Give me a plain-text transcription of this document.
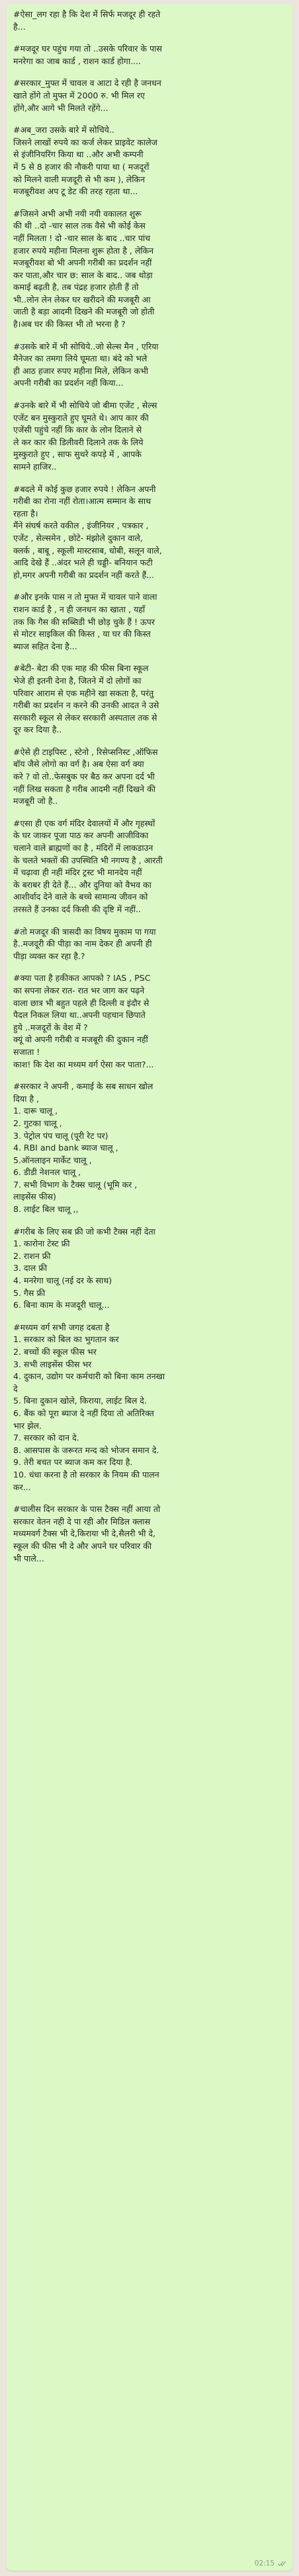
#ऐसा_लग रहा है कि देश में सिर्फ मजदूर ही रहते
है...
#मजदूर घर पहुंच गया तो ..उसके परिवार के पास
मनरेगा का जाब कार्ड , राशन कार्ड होगा....
#सरकार_मुफ्त में चावल व आटा दे रही है जनधन
खाते होंगे तो मुफ्त में 2000 रु. भी मिल रए
होंगे,और आगे भी मिलते रहेंगे...
#अब_जरा उसके बारे में सोचिये..
जिसने लाखों रुपये का कर्ज लेकर प्राइवेट कालेज
से इंजीनियरिंग किया था ..और अभी कम्पनी
में 5 से 8 हजार की नौकरी पाया था ( मजदूरों
को मिलने वाली मजदूरी से भी कम ), लेकिन
मजबूरीवश अप टू डेट की तरह रहता था...
#जिसने अभी अभी नयी नयी वकालत शुरू
की थी ..दो -चार साल तक वैसे भी कोई केस
नहीं मिलता ! दो -चार साल के बाद ..चार पांच
हजार रुपये महीना मिलना शुरू होता है , लेकिन
मजबूरीवश बो भी अपनी गरीबी का प्रदर्शन नहीं
कर पाता,और चार छ: साल के बाद.. जब थोड़ा
कमाई बढ़ती है, तब पंद्रह हजार होती हैं तो
भी..लोन लेन लेकर घर खरीदने की मजबूरी आ
जाती है बड़ा आदमी दिखने की मजबूरी जो होती
है।अब घर की किस्त भी तो भरना है ?
#उसके बारे में भी सोचिये..जो सेल्स मैन , एरिया
मैनेजर का तमगा लिये घूमता था। बंदे को भले
ही आठ हजार रुपए महीना मिले, लेकिन कभी
अपनी गरीबी का प्रदर्शन नहीं किया...
#उनके बारे में भी सोचिये जो बीमा एजेंट , सेल्स
एजेंट बन मुस्कुराते हुए घूमते थे। आप कार की
एजेंसी पहुंचे नहीं कि कार के लोन दिलाने से
ले कर कार की डिलीवरी दिलाने तक के लिये
मुस्कुराते हुए , साफ सुथरे कपड़े में , आपके
सामने हाजिर..
#बदले में कोई कुछ हजार रुपये ! लेकिन अपनी
गरीबी का रोना नहीं रोता।आत्म सम्मान के साथ
रहता है।
मैंने संघर्ष करते वकील , इंजीनियर , पत्रकार ,
एजेंट , सेल्समेन , छोटे- मंझोले दुकान वाले,
क्लर्क , बाबू , स्कूली मास्टसाब, धोबी, सलून वाले,
आदि देखे हैं ..अंदर भले ही चड्डी- बनियान फटी
हो,मगर अपनी गरीबी का प्रदर्शन नहीं करते हैं...
#और इनके पास न तो मुफ्त में चावल पाने वाला
राशन कार्ड है , न ही जनधन का खाता , यहाँ
तक कि गैस की सब्सिडी भी छोड़ चुके हैं ! ऊपर
से मोटर साइकिल की किस्त , या घर की किस्त
ब्याज सहित देना है...
#बेटी- बेटा की एक माह की फीस बिना स्कूल
भेजे ही इतनी देना है, जितने में दो लोगों का
परिवार आराम से एक महीने खा सकता है, परंतु
गरीबी का प्रदर्शन न करने की उनकी आदत ने उसे
सरकारी स्कूल से लेकर सरकारी अस्पताल तक से
दूर कर दिया है..
#ऐसे ही टाइपिस्ट , स्टेनो , रिसेप्सनिस्ट ,ऑफिस
बॉय जैसे लोगो का वर्ग है। अब ऐसा वर्ग क्या
करे ? वो तो..फेसबुक पर बैठ कर अपना दर्द भी
नहीं लिख सकता है गरीब आदमी नहीं दिखने की
मजबूरी जो है..
#एसा ही एक वर्ग मंदिर देवालयों में और गृहस्थों
के घर जाकर पूजा पाठ कर अपनी आजीविका
चलाने वाले ब्राह्मणों का है , मंदिरों में लाकडाउन
के चलते भक्तों की उपस्थिति भी नगण्य है , आरती
में चढ़ावा ही नहीं मंदिर ट्रस्ट भी मानदेय नहीं
के बराबर ही देते हैं... और दुनिया को वैभव का
आशीर्वाद देने वाले के बच्चे सामान्य जीवन को
तरसते हैं उनका दर्द किसी की दृष्टि में नहीं..
#तो मजदूर की त्रासदी का विषय मुकाम पा गया
है..मजदूरी की पीड़ा का नाम देकर ही अपनी ही
पीड़ा व्यक्त कर रहा है.?
#क्या पता है हकीकत आपको ? IAS , PSC
का सपना लेकर रात- रात भर जाग कर पढ़ने
वाला छात्र भी बहुत पहले ही दिल्ली व इंदौर से
पैदल निकल लिया था..अपनी पहचान छिपाते
हुये ..मजदूरों के वेश में ?
क्यूं वो अपनी गरीबी व मजबूरी की दुकान नहीं
सजाता !
काश! कि देश का मध्यम वर्ग ऐसा कर पाता?...
#सरकार ने अपनी , कमाई के सब साधन खोल
दिया है ,
1. दारू चालू ,
2. गुटका चालू ,
3. पेट्रोल पंप चालू (पूरी रेट पर)
4. RBI and bank ब्याज चालू ,
5.ऑनलाइन मार्केट चालू ,
6. डीडी नेशनल चालू ,
7. सभी विभाग के टैक्स चालू (भूमि कर ,
लाइसेंस फीस)
8. लाईट बिल चालू ,,
#गरीब के लिए सब फ्री जो कभी टैक्स नहीं देता
1. कारोना टेस्ट फ्री
2. राशन फ्री
3. दाल फ्री
4. मनरेगा चालू (नई दर के साथ)
5. गैस फ्री
6. बिना काम के मजदूरी चालू...
#मध्यम वर्ग सभी जगह दबता है
1. सरकार को बिल का भुगतान कर
2. बच्चों की स्कूल फीस भर
3. सभी लाइसेंस फीस भर
4. दुकान, उद्योग पर कर्मचारी को बिना काम तनखा
दे
5. बिना दुकान खोले, किराया, लाईट बिल दे.
6. बैंक को पूरा ब्याज दे नहीं दिया तो अतिरिक्त
भार झेल.
7. सरकार को दान दे.
8. आसपास के जरूरत मन्द को भोजन समान दे.
9. तेरी बचत पर ब्याज कम कर दिया है.
10. धंधा करना है तो सरकार के नियम की पालन
कर...
#चालीस दिन सरकार के पास टैक्स नहीं आया तो
सरकार वेतन नही दे पा रही और मिडिल क्लास
मध्यमवर्ग टैक्स भी दे,किराया भी दे,सैलरी भी दे,
स्कूल की फीस भी दे और अपने घर परिवार की
भी पाले...
02:15
